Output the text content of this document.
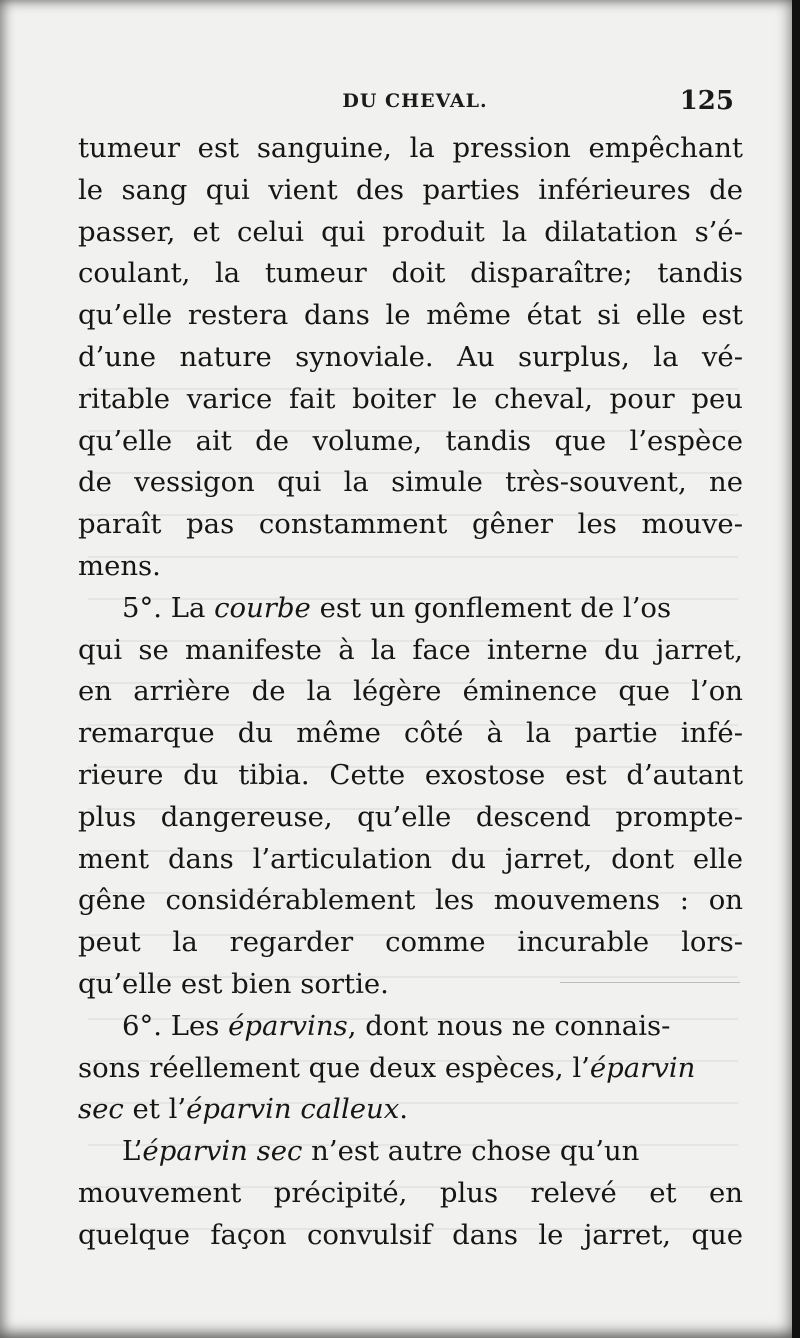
DU CHEVAL.	125
tumeur est sanguine, la pression empêchant
le sang qui vient des parties inférieures de
passer, et celui qui produit la dilatation s’é-
coulant, la tumeur doit disparaître; tandis
qu’elle restera dans le même état si elle est
d’une nature synoviale. Au surplus, la vé-
ritable varice fait boiter le cheval, pour peu
qu’elle ait de volume, tandis que l’espèce
de vessigon qui la simule très-souvent, ne
paraît pas constamment gêner les mouve-
mens.
5°. La courbe est un gonflement de l’os
qui se manifeste à la face interne du jarret,
en arrière de la légère éminence que l’on
remarque du même côté à la partie infé-
rieure du tibia. Cette exostose est d’autant
plus dangereuse, qu’elle descend prompte-
ment dans l’articulation du jarret, dont elle
gêne considérablement les mouvemens : on
peut la regarder comme incurable lors-
qu’elle est bien sortie.
6°. Les éparvins, dont nous ne connais-
sons réellement que deux espèces, l’éparvin
sec et l’éparvin calleux.
L’éparvin sec n’est autre chose qu’un
mouvement précipité, plus relevé et en
quelque façon convulsif dans le jarret, que
